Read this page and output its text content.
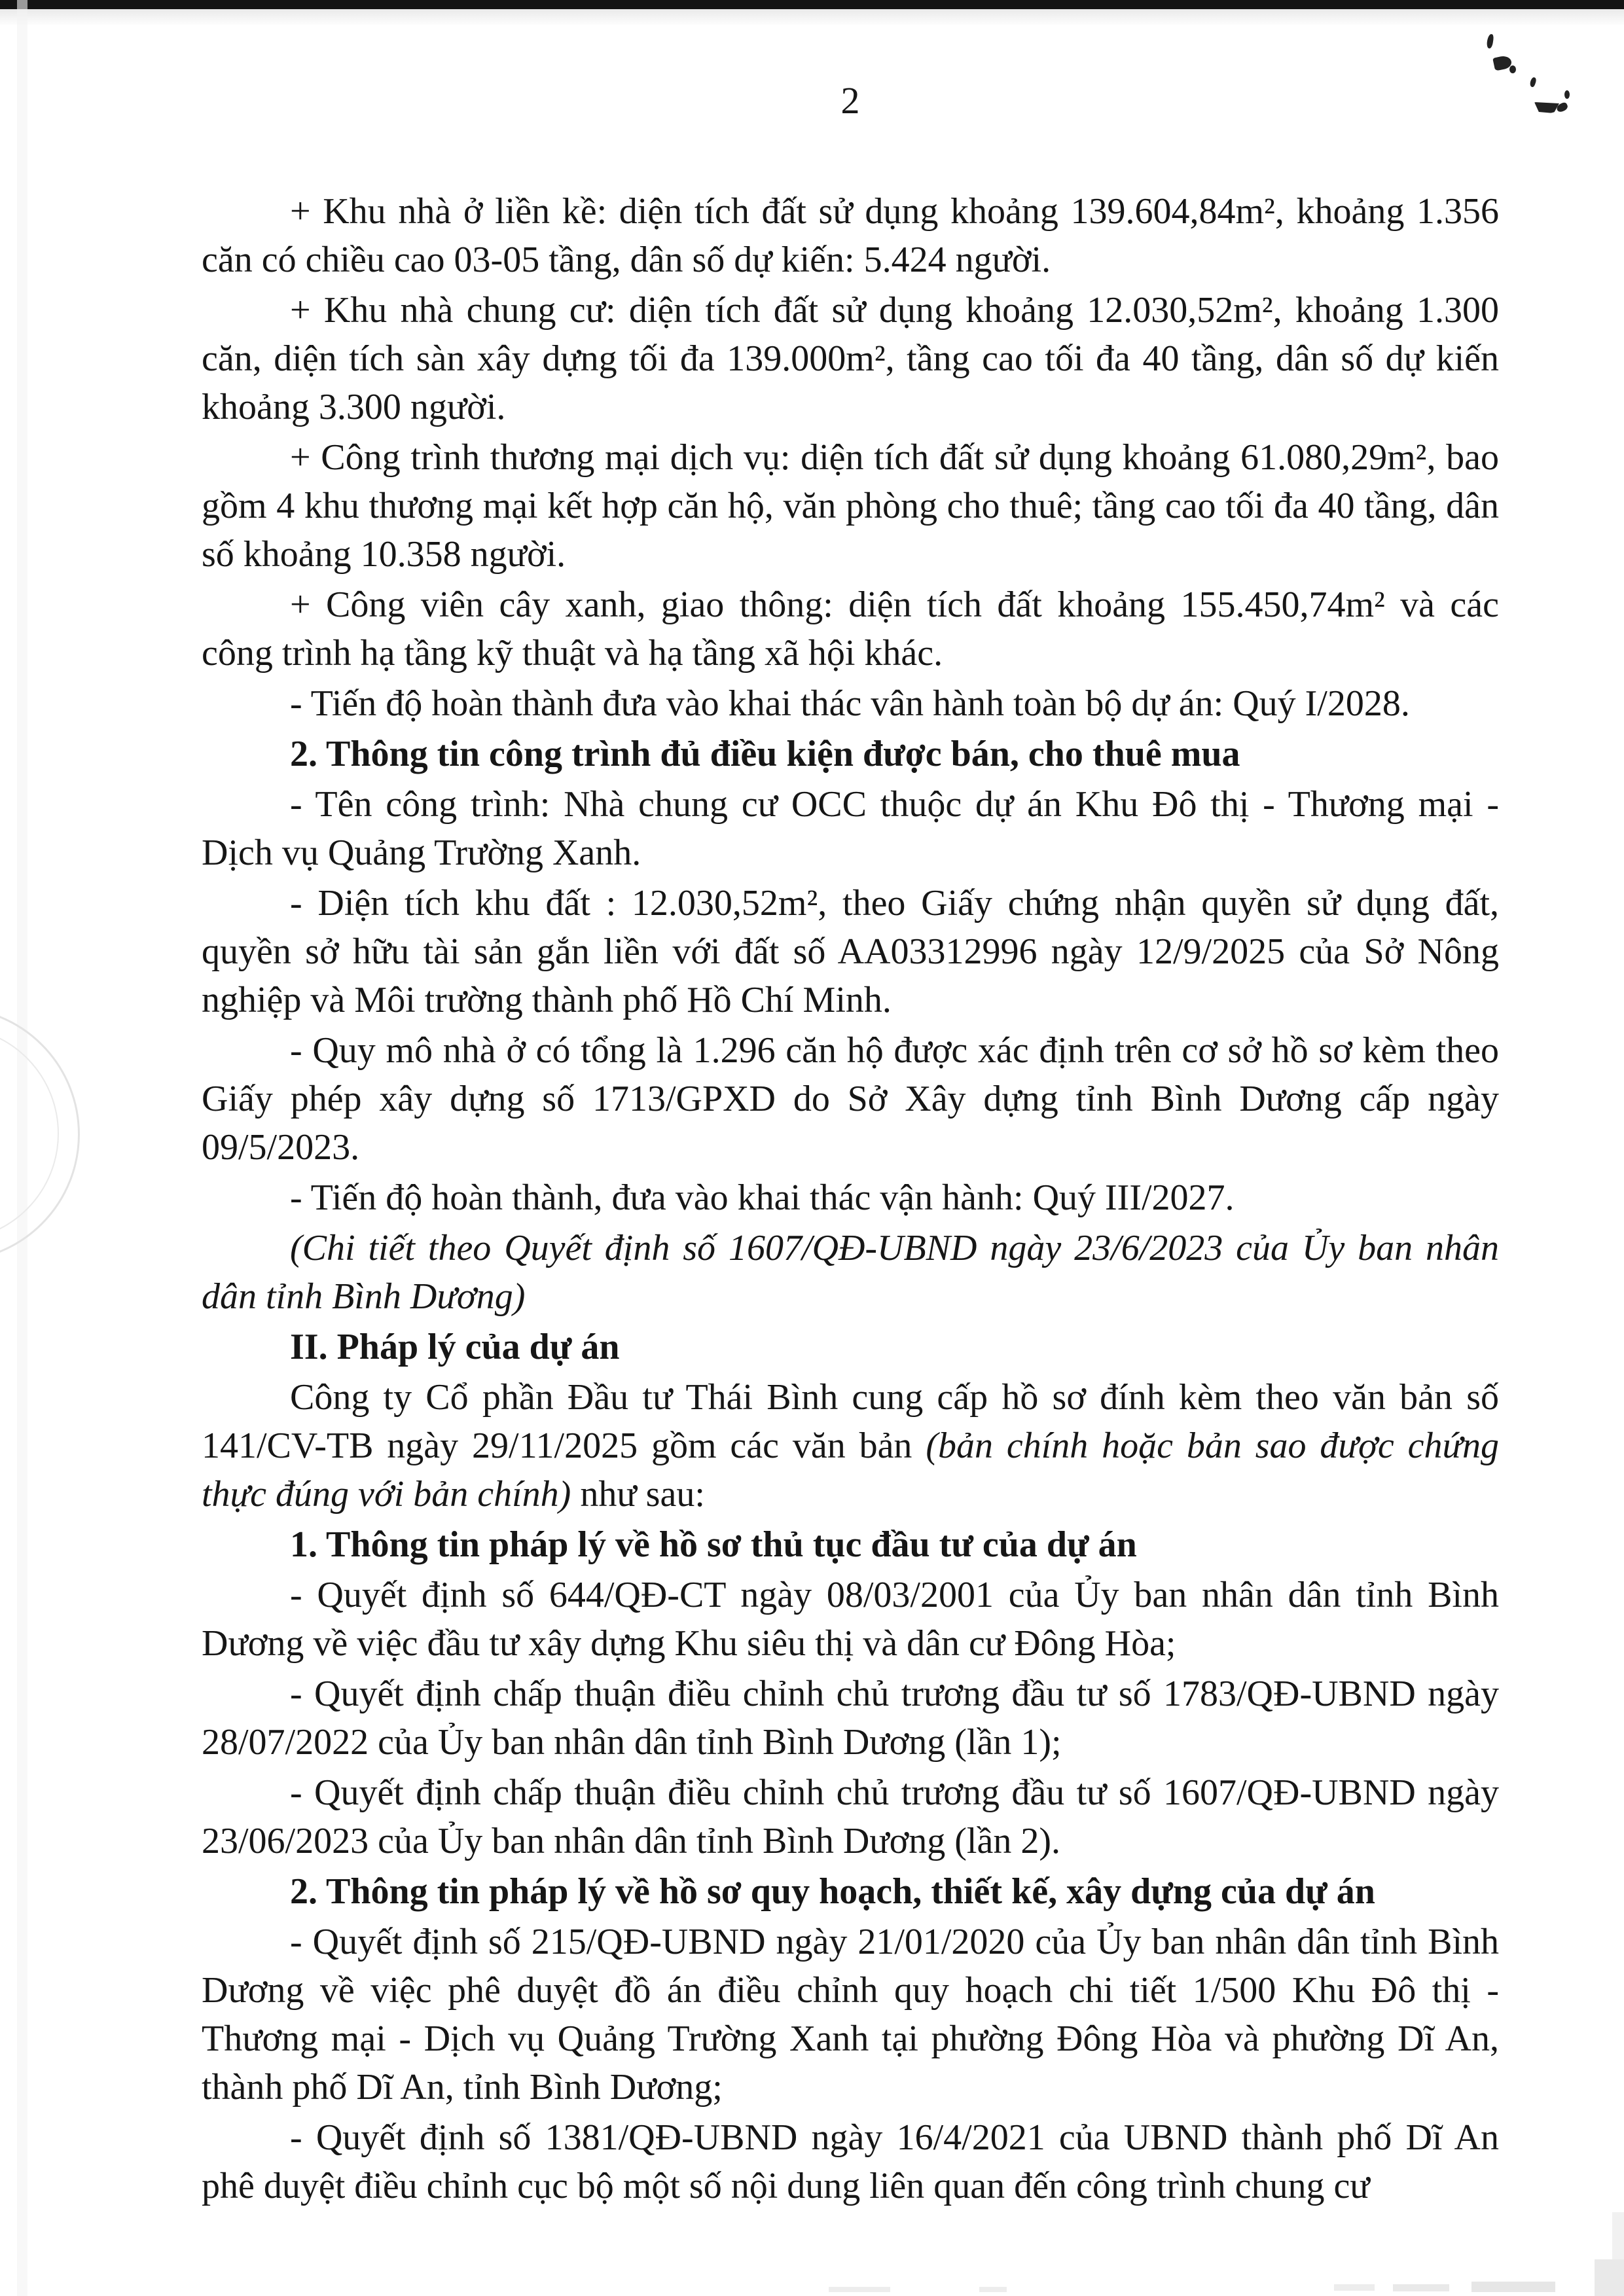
2

+ Khu nhà ở liền kề: diện tích đất sử dụng khoảng 139.604,84m², khoảng 1.356 căn có chiều cao 03-05 tầng, dân số dự kiến: 5.424 người.

+ Khu nhà chung cư: diện tích đất sử dụng khoảng 12.030,52m², khoảng 1.300 căn, diện tích sàn xây dựng tối đa 139.000m², tầng cao tối đa 40 tầng, dân số dự kiến khoảng 3.300 người.

+ Công trình thương mại dịch vụ: diện tích đất sử dụng khoảng 61.080,29m², bao gồm 4 khu thương mại kết hợp căn hộ, văn phòng cho thuê; tầng cao tối đa 40 tầng, dân số khoảng 10.358 người.

+ Công viên cây xanh, giao thông: diện tích đất khoảng 155.450,74m² và các công trình hạ tầng kỹ thuật và hạ tầng xã hội khác.

- Tiến độ hoàn thành đưa vào khai thác vân hành toàn bộ dự án: Quý I/2028.

2. Thông tin công trình đủ điều kiện được bán, cho thuê mua

- Tên công trình: Nhà chung cư OCC thuộc dự án Khu Đô thị - Thương mại - Dịch vụ Quảng Trường Xanh.

- Diện tích khu đất : 12.030,52m², theo Giấy chứng nhận quyền sử dụng đất, quyền sở hữu tài sản gắn liền với đất số AA03312996 ngày 12/9/2025 của Sở Nông nghiệp và Môi trường thành phố Hồ Chí Minh.

- Quy mô nhà ở có tổng là 1.296 căn hộ được xác định trên cơ sở hồ sơ kèm theo Giấy phép xây dựng số 1713/GPXD do Sở Xây dựng tỉnh Bình Dương cấp ngày 09/5/2023.

- Tiến độ hoàn thành, đưa vào khai thác vận hành: Quý III/2027.

(Chi tiết theo Quyết định số 1607/QĐ-UBND ngày 23/6/2023 của Ủy ban nhân dân tỉnh Bình Dương)

II. Pháp lý của dự án

Công ty Cổ phần Đầu tư Thái Bình cung cấp hồ sơ đính kèm theo văn bản số 141/CV-TB ngày 29/11/2025 gồm các văn bản (bản chính hoặc bản sao được chứng thực đúng với bản chính) như sau:

1. Thông tin pháp lý về hồ sơ thủ tục đầu tư của dự án

- Quyết định số 644/QĐ-CT ngày 08/03/2001 của Ủy ban nhân dân tỉnh Bình Dương về việc đầu tư xây dựng Khu siêu thị và dân cư Đông Hòa;

- Quyết định chấp thuận điều chỉnh chủ trương đầu tư số 1783/QĐ-UBND ngày 28/07/2022 của Ủy ban nhân dân tỉnh Bình Dương (lần 1);

- Quyết định chấp thuận điều chỉnh chủ trương đầu tư số 1607/QĐ-UBND ngày 23/06/2023 của Ủy ban nhân dân tỉnh Bình Dương (lần 2).

2. Thông tin pháp lý về hồ sơ quy hoạch, thiết kế, xây dựng của dự án

- Quyết định số 215/QĐ-UBND ngày 21/01/2020 của Ủy ban nhân dân tỉnh Bình Dương về việc phê duyệt đồ án điều chỉnh quy hoạch chi tiết 1/500 Khu Đô thị - Thương mại - Dịch vụ Quảng Trường Xanh tại phường Đông Hòa và phường Dĩ An, thành phố Dĩ An, tỉnh Bình Dương;

- Quyết định số 1381/QĐ-UBND ngày 16/4/2021 của UBND thành phố Dĩ An phê duyệt điều chỉnh cục bộ một số nội dung liên quan đến công trình chung cư
